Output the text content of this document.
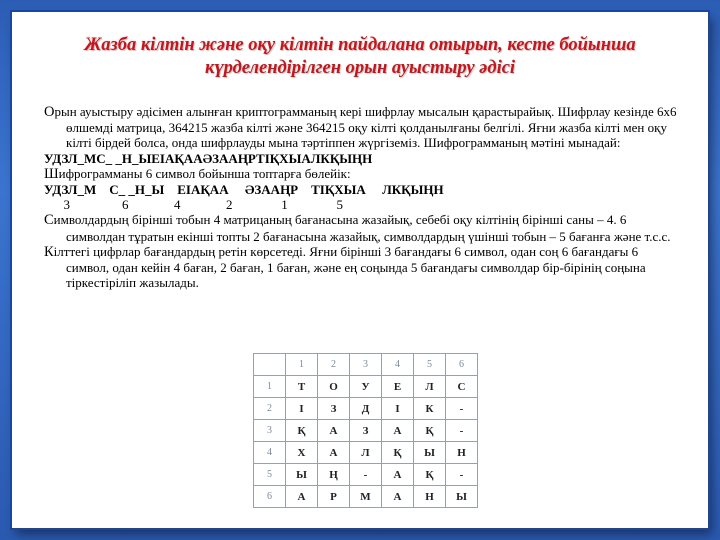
Жазба кілтін және оқу кілтін пайдалана отырып, кесте бойынша күрделендірілген орын ауыстыру әдісі

Орын ауыстыру әдісімен алынған криптограмманың кері шифрлау мысалын қарастырайық. Шифрлау кезінде 6х6 өлшемді матрица, 364215 жазба кілті және 364215 оқу кілті қолданылғаны белгілі. Яғни жазба кілті мен оқу кілті бірдей болса, онда шифрлауды мына тәртіппен жүргіземіз. Шифрограмманың мәтіні мынадай:

УДЗЛ_МС_ _Н_ЫЕIАҚААӘЗААҢРТIҚХЫАЛКҚЫҢН

Шифрограмманы 6 символ бойынша топтарға бөлейік:

УДЗЛ_М    С_ _Н_Ы    ЕIАҚАА     ӘЗААҢР    ТIҚХЫА     ЛКҚЫҢН

3                6              4              2               1               5

Символдардың бірінші тобын 4 матрицаның бағанасына жазайық, себебі оқу кілтінің бірінші саны – 4. 6 символдан тұратын екінші топты 2 бағанасына жазайық, символдардың үшінші тобын – 5 бағанға және т.с.с.

Кілттегі цифрлар бағандардың ретін көрсетеді. Яғни бірінші 3 бағандағы 6 символ, одан соң 6 бағандағы 6 символ, одан кейін 4 баған, 2 баған, 1 баған, және ең соңында 5 бағандағы символдар бір-бірінің соңына тіркестіріліп жазылады.

	1	2	3	4	5	6
1	Т	О	У	Е	Л	С
2	I	З	Д	I	К	-
3	Қ	А	З	А	Қ	-
4	Х	А	Л	Қ	Ы	Н
5	Ы	Ң	-	А	Қ	-
6	А	Р	М	А	Н	Ы
